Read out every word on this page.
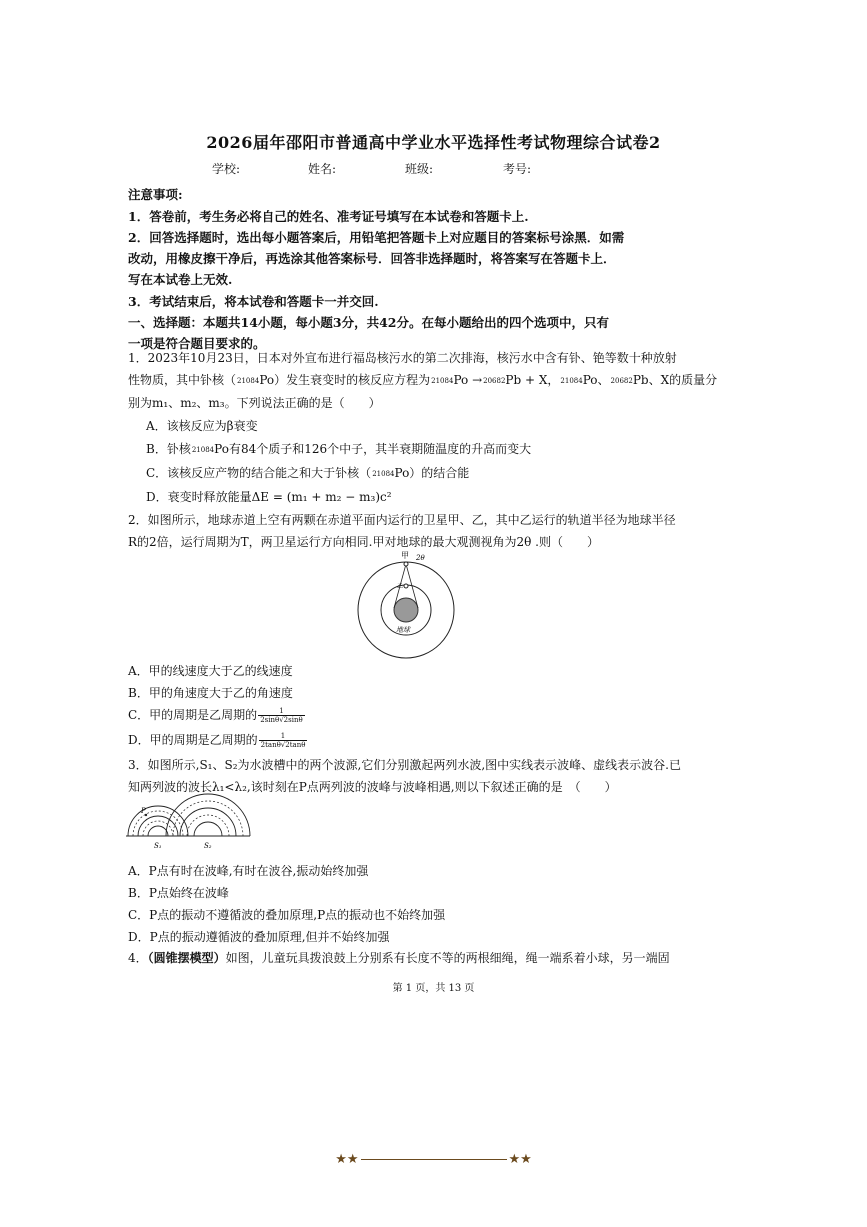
2026届年邵阳市普通高中学业水平选择性考试物理综合试卷2
学校:	姓名:	班级:	考号:
注意事项:
1．答卷前，考生务必将自己的姓名、准考证号填写在本试卷和答题卡上.
2．回答选择题时，选出每小题答案后，用铅笔把答题卡上对应题目的答案标号涂黑．如需
改动，用橡皮擦干净后，再选涂其他答案标号．回答非选择题时，将答案写在答题卡上．
写在本试卷上无效.
3．考试结束后，将本试卷和答题卡一并交回.
一、选择题：本题共14小题，每小题3分，共42分。在每小题给出的四个选项中，只有
一项是符合题目要求的。
1．2023年10月23日，日本对外宣布进行福岛核污水的第二次排海，核污水中含有钋、铯等数十种放射
性物质，其中钋核（21084Po）发生衰变时的核反应方程为21084Po →20682Pb + X，21084Po、20682Pb、X的质量分
别为m₁、m₂、m₃。下列说法正确的是（　　）
A．该核反应为β衰变
B．钋核21084Po有84个质子和126个中子，其半衰期随温度的升高而变大
C．该核反应产物的结合能之和大于钋核（21084Po）的结合能
D．衰变时释放能量ΔE = (m₁ + m₂ − m₃)c²
2．如图所示，地球赤道上空有两颗在赤道平面内运行的卫星甲、乙，其中乙运行的轨道半径为地球半径
R的2倍，运行周期为T，两卫星运行方向相同.甲对地球的最大观测视角为2θ .则（　　）
甲 2θ
乙
地球
A．甲的线速度大于乙的线速度
B．甲的角速度大于乙的角速度
C．甲的周期是乙周期的 $\frac{1}{2\sin\theta√2\sin\theta}$
D．甲的周期是乙周期的 $\frac{1}{2\tan\theta√2\tan\theta}$
3．如图所示,S₁、S₂为水波槽中的两个波源,它们分别激起两列水波,图中实线表示波峰、虚线表示波谷.已
知两列波的波长λ₁<λ₂,该时刻在P点两列波的波峰与波峰相遇,则以下叙述正确的是　（　　）
P
S₁	S₂
A．P点有时在波峰,有时在波谷,振动始终加强
B．P点始终在波峰
C．P点的振动不遵循波的叠加原理,P点的振动也不始终加强
D．P点的振动遵循波的叠加原理,但并不始终加强
4．（圆锥摆模型）如图，儿童玩具拨浪鼓上分别系有长度不等的两根细绳，绳一端系着小球，另一端固
第 1 页，共 13 页
★★	★★
